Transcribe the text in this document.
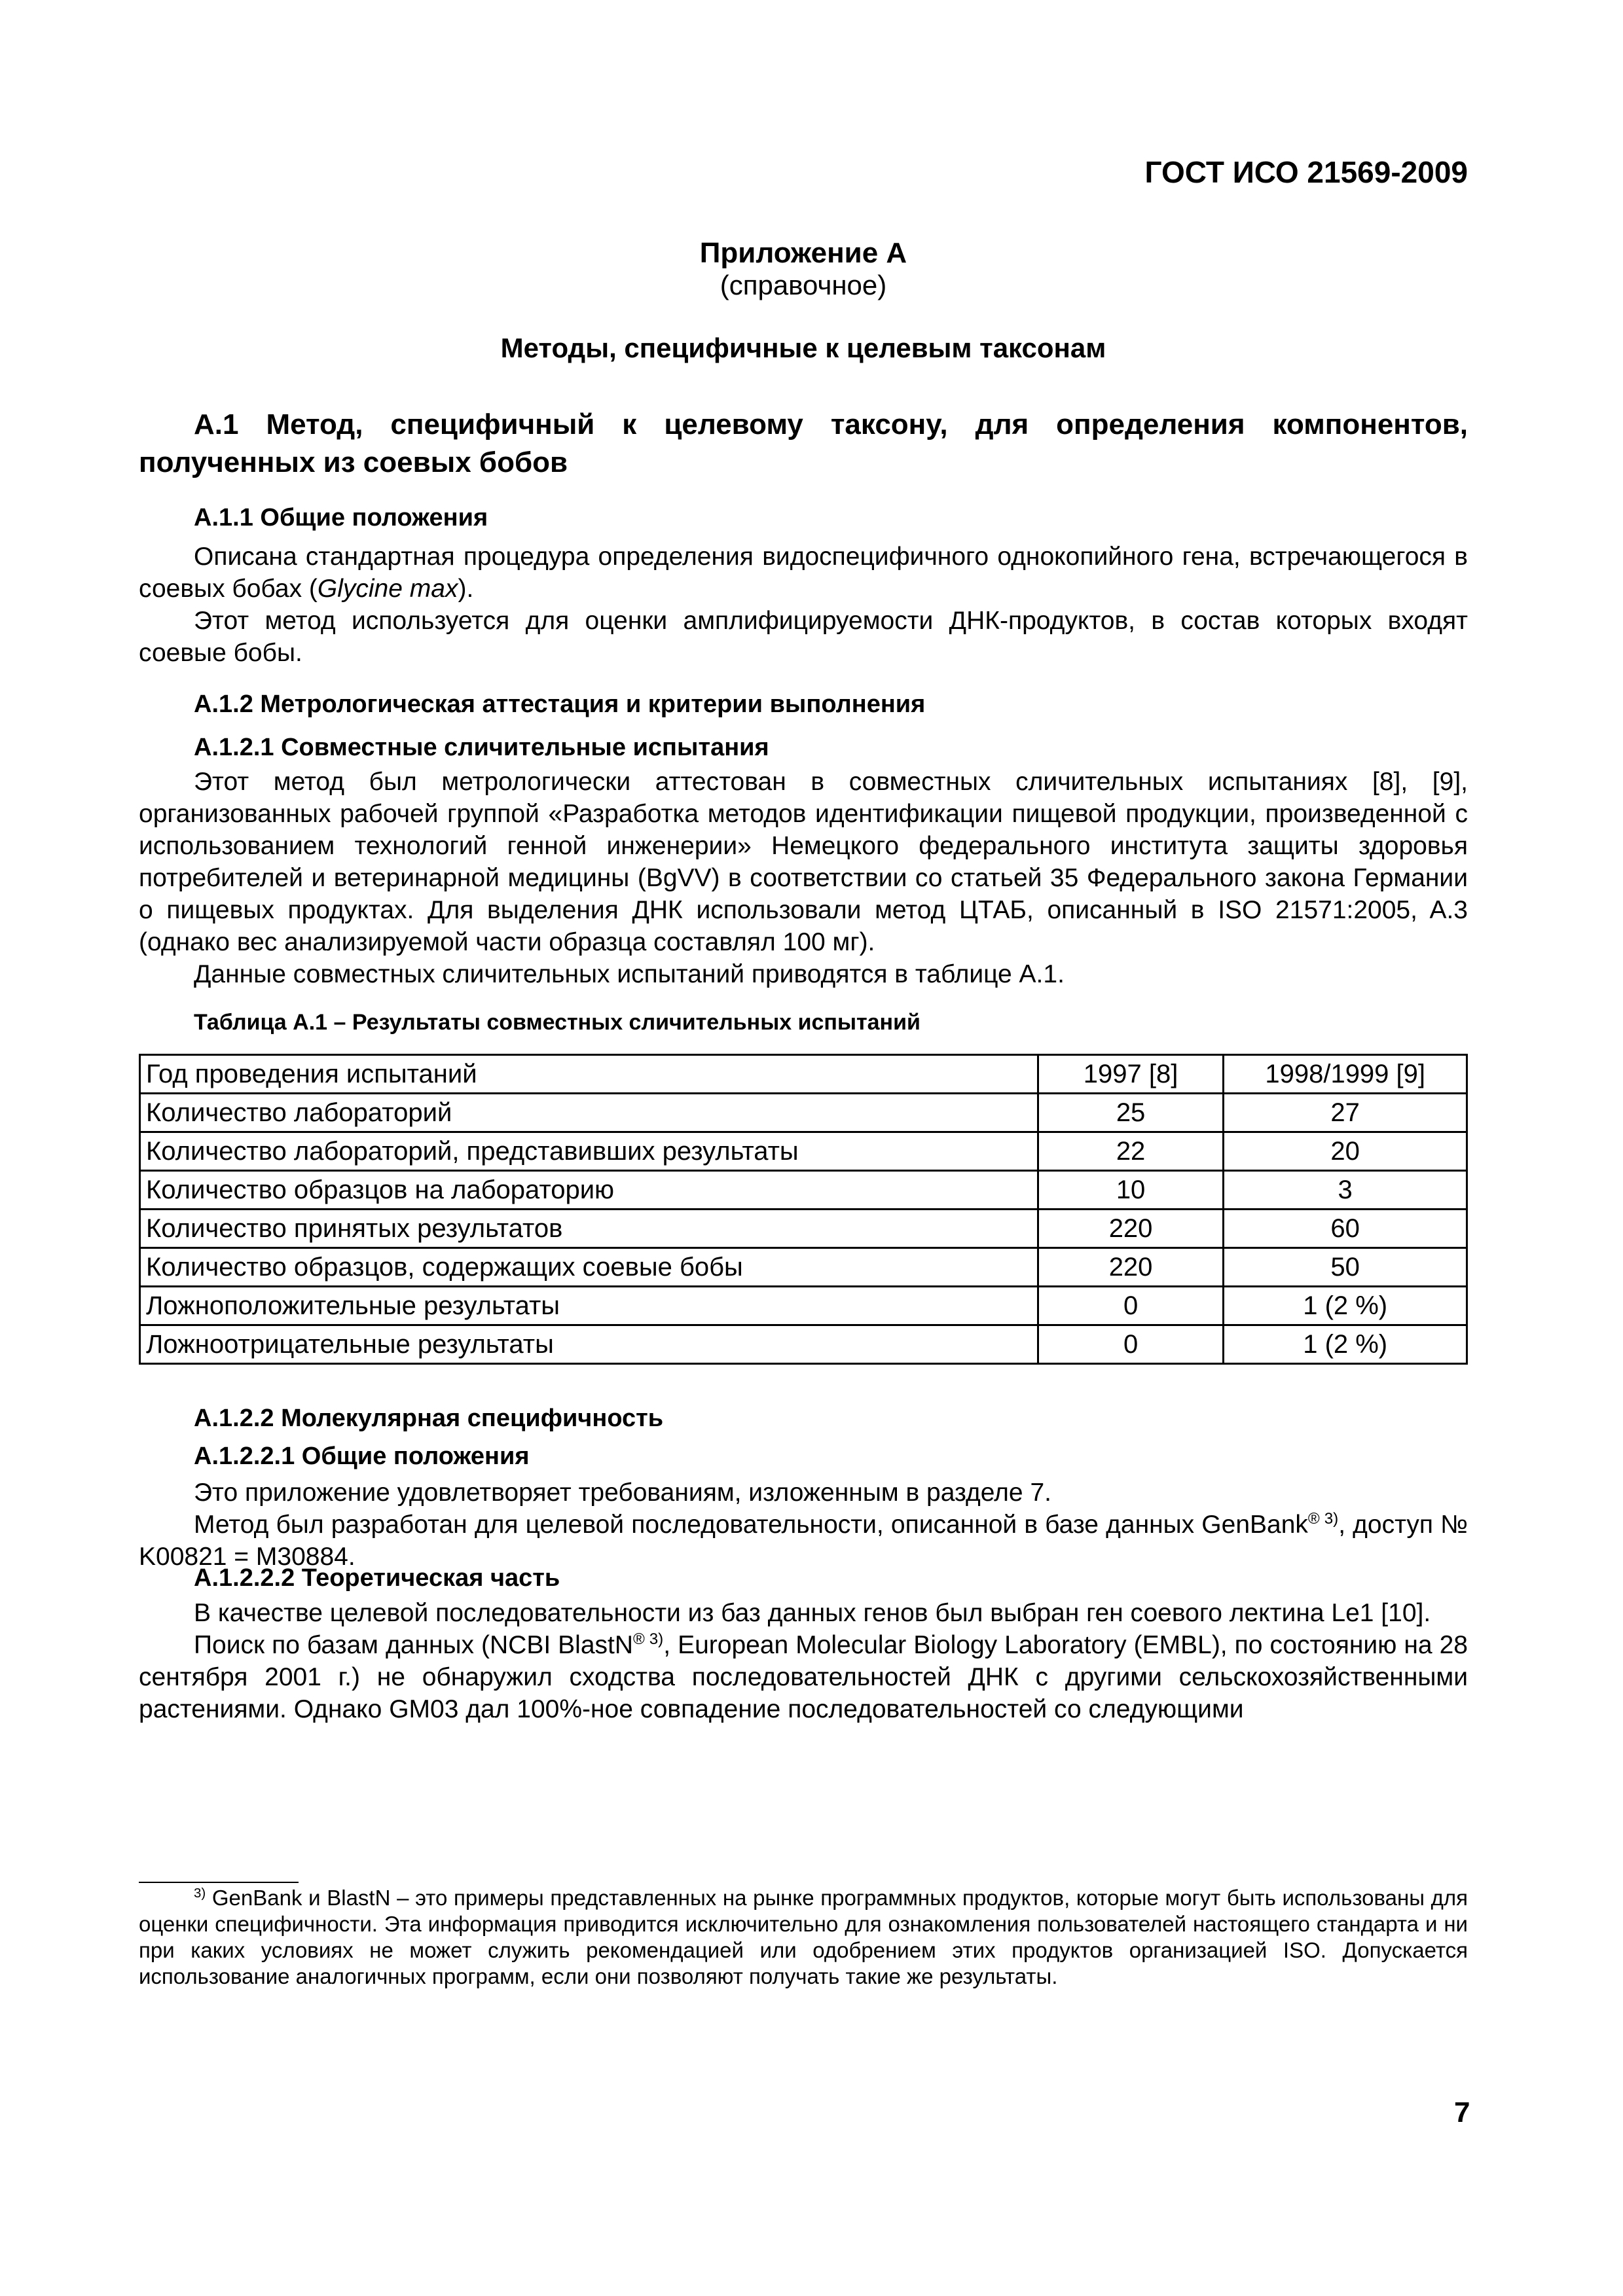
ГОСТ ИСО 21569-2009
Приложение А
(справочное)
Методы, специфичные к целевым таксонам
А.1 Метод, специфичный к целевому таксону, для определения компонентов, полученных из соевых бобов
А.1.1 Общие положения

Описана стандартная процедура определения видоспецифичного однокопийного гена, встречающегося в соевых бобах (Glycine max).

Этот метод используется для оценки амплифицируемости ДНК-продуктов, в состав которых входят соевые бобы.

А.1.2 Метрологическая аттестация и критерии выполнения
А.1.2.1 Совместные сличительные испытания

Этот метод был метрологически аттестован в совместных сличительных испытаниях [8], [9], организованных рабочей группой «Разработка методов идентификации пищевой продукции, произведенной с использованием технологий генной инженерии» Немецкого федерального института защиты здоровья потребителей и ветеринарной медицины (BgVV) в соответствии со статьей 35 Федерального закона Германии о пищевых продуктах. Для выделения ДНК использовали метод ЦТАБ, описанный в ISO 21571:2005, A.3 (однако вес анализируемой части образца составлял 100 мг).

Данные совместных сличительных испытаний приводятся в таблице А.1.

Таблица А.1 – Результаты совместных сличительных испытаний
Год проведения испытаний	1997 [8]	1998/1999 [9]
Количество лабораторий	25	27
Количество лабораторий, представивших результаты	22	20
Количество образцов на лабораторию	10	3
Количество принятых результатов	220	60
Количество образцов, содержащих соевые бобы	220	50
Ложноположительные результаты	0	1 (2 %)
Ложноотрицательные результаты	0	1 (2 %)
А.1.2.2 Молекулярная специфичность
А.1.2.2.1 Общие положения

Это приложение удовлетворяет требованиям, изложенным в разделе 7.

Метод был разработан для целевой последовательности, описанной в базе данных GenBank$^{® 3)}$, доступ № K00821 = M30884.

А.1.2.2.2 Теоретическая часть

В качестве целевой последовательности из баз данных генов был выбран ген соевого лектина Le1 [10].

Поиск по базам данных (NCBI BlastN$^{® 3)}$, European Molecular Biology Laboratory (EMBL), по состоянию на 28 сентября 2001 г.) не обнаружил сходства последовательностей ДНК с другими сельскохозяйственными растениями. Однако GM03 дал 100%-ное совпадение последовательностей со следующими

$^{3)}$ GenBank и BlastN – это примеры представленных на рынке программных продуктов, которые могут быть использованы для оценки специфичности. Эта информация приводится исключительно для ознакомления пользователей настоящего стандарта и ни при каких условиях не может служить рекомендацией или одобрением этих продуктов организацией ISO. Допускается использование аналогичных программ, если они позволяют получать такие же результаты.
7
